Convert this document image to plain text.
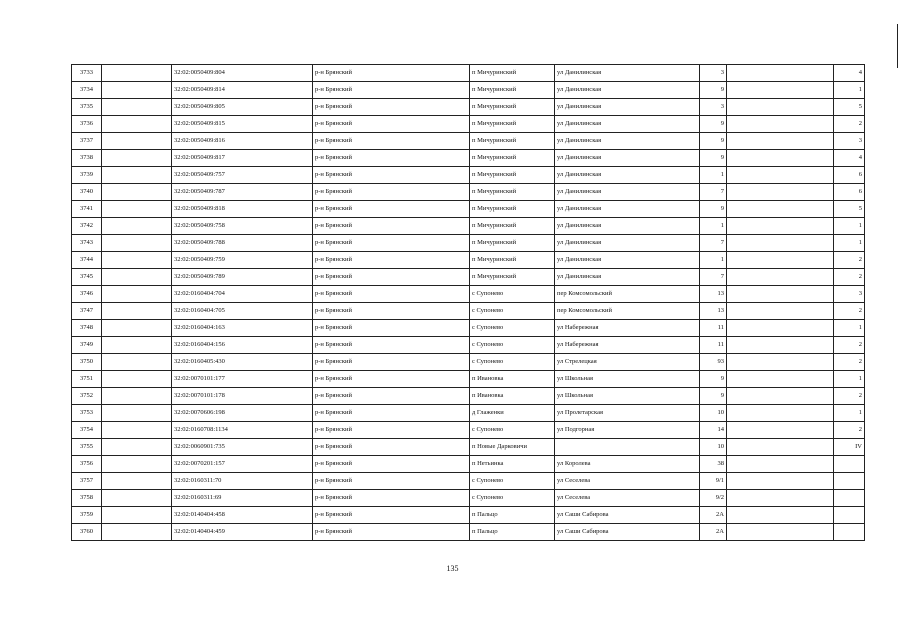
3733		32:02:0050409:804	р-н Брянский	п Мичуринский	ул Данилинская	3		4
3734		32:02:0050409:814	р-н Брянский	п Мичуринский	ул Данилинская	9		1
3735		32:02:0050409:805	р-н Брянский	п Мичуринский	ул Данилинская	3		5
3736		32:02:0050409:815	р-н Брянский	п Мичуринский	ул Данилинская	9		2
3737		32:02:0050409:816	р-н Брянский	п Мичуринский	ул Данилинская	9		3
3738		32:02:0050409:817	р-н Брянский	п Мичуринский	ул Данилинская	9		4
3739		32:02:0050409:757	р-н Брянский	п Мичуринский	ул Данилинская	1		6
3740		32:02:0050409:787	р-н Брянский	п Мичуринский	ул Данилинская	7		6
3741		32:02:0050409:818	р-н Брянский	п Мичуринский	ул Данилинская	9		5
3742		32:02:0050409:758	р-н Брянский	п Мичуринский	ул Данилинская	1		1
3743		32:02:0050409:788	р-н Брянский	п Мичуринский	ул Данилинская	7		1
3744		32:02:0050409:759	р-н Брянский	п Мичуринский	ул Данилинская	1		2
3745		32:02:0050409:789	р-н Брянский	п Мичуринский	ул Данилинская	7		2
3746		32:02:0160404:704	р-н Брянский	с Супонево	пер Комсомольский	13		3
3747		32:02:0160404:705	р-н Брянский	с Супонево	пер Комсомольский	13		2
3748		32:02:0160404:163	р-н Брянский	с Супонево	ул Набережная	11		1
3749		32:02:0160404:156	р-н Брянский	с Супонево	ул Набережная	11		2
3750		32:02:0160405:430	р-н Брянский	с Супонево	ул Стрелецкая	93		2
3751		32:02:0070101:177	р-н Брянский	п Ивановка	ул Школьная	9		1
3752		32:02:0070101:178	р-н Брянский	п Ивановка	ул Школьная	9		2
3753		32:02:0070606:198	р-н Брянский	д Глаженки	ул Пролетарская	10		1
3754		32:02:0160708:1134	р-н Брянский	с Супонево	ул Подгорная	14		2
3755		32:02:0060901:735	р-н Брянский	п Новые Дарковичи		10		IV
3756		32:02:0070201:157	р-н Брянский	п Нетьинка	ул Королева	38		
3757		32:02:0160311:70	р-н Брянский	с Супонево	ул Сеселева	9/1		
3758		32:02:0160311:69	р-н Брянский	с Супонево	ул Сеселева	9/2		
3759		32:02:0140404:458	р-н Брянский	п Пальцо	ул Саши Сабирова	2А		
3760		32:02:0140404:459	р-н Брянский	п Пальцо	ул Саши Сабирова	2А		
135
